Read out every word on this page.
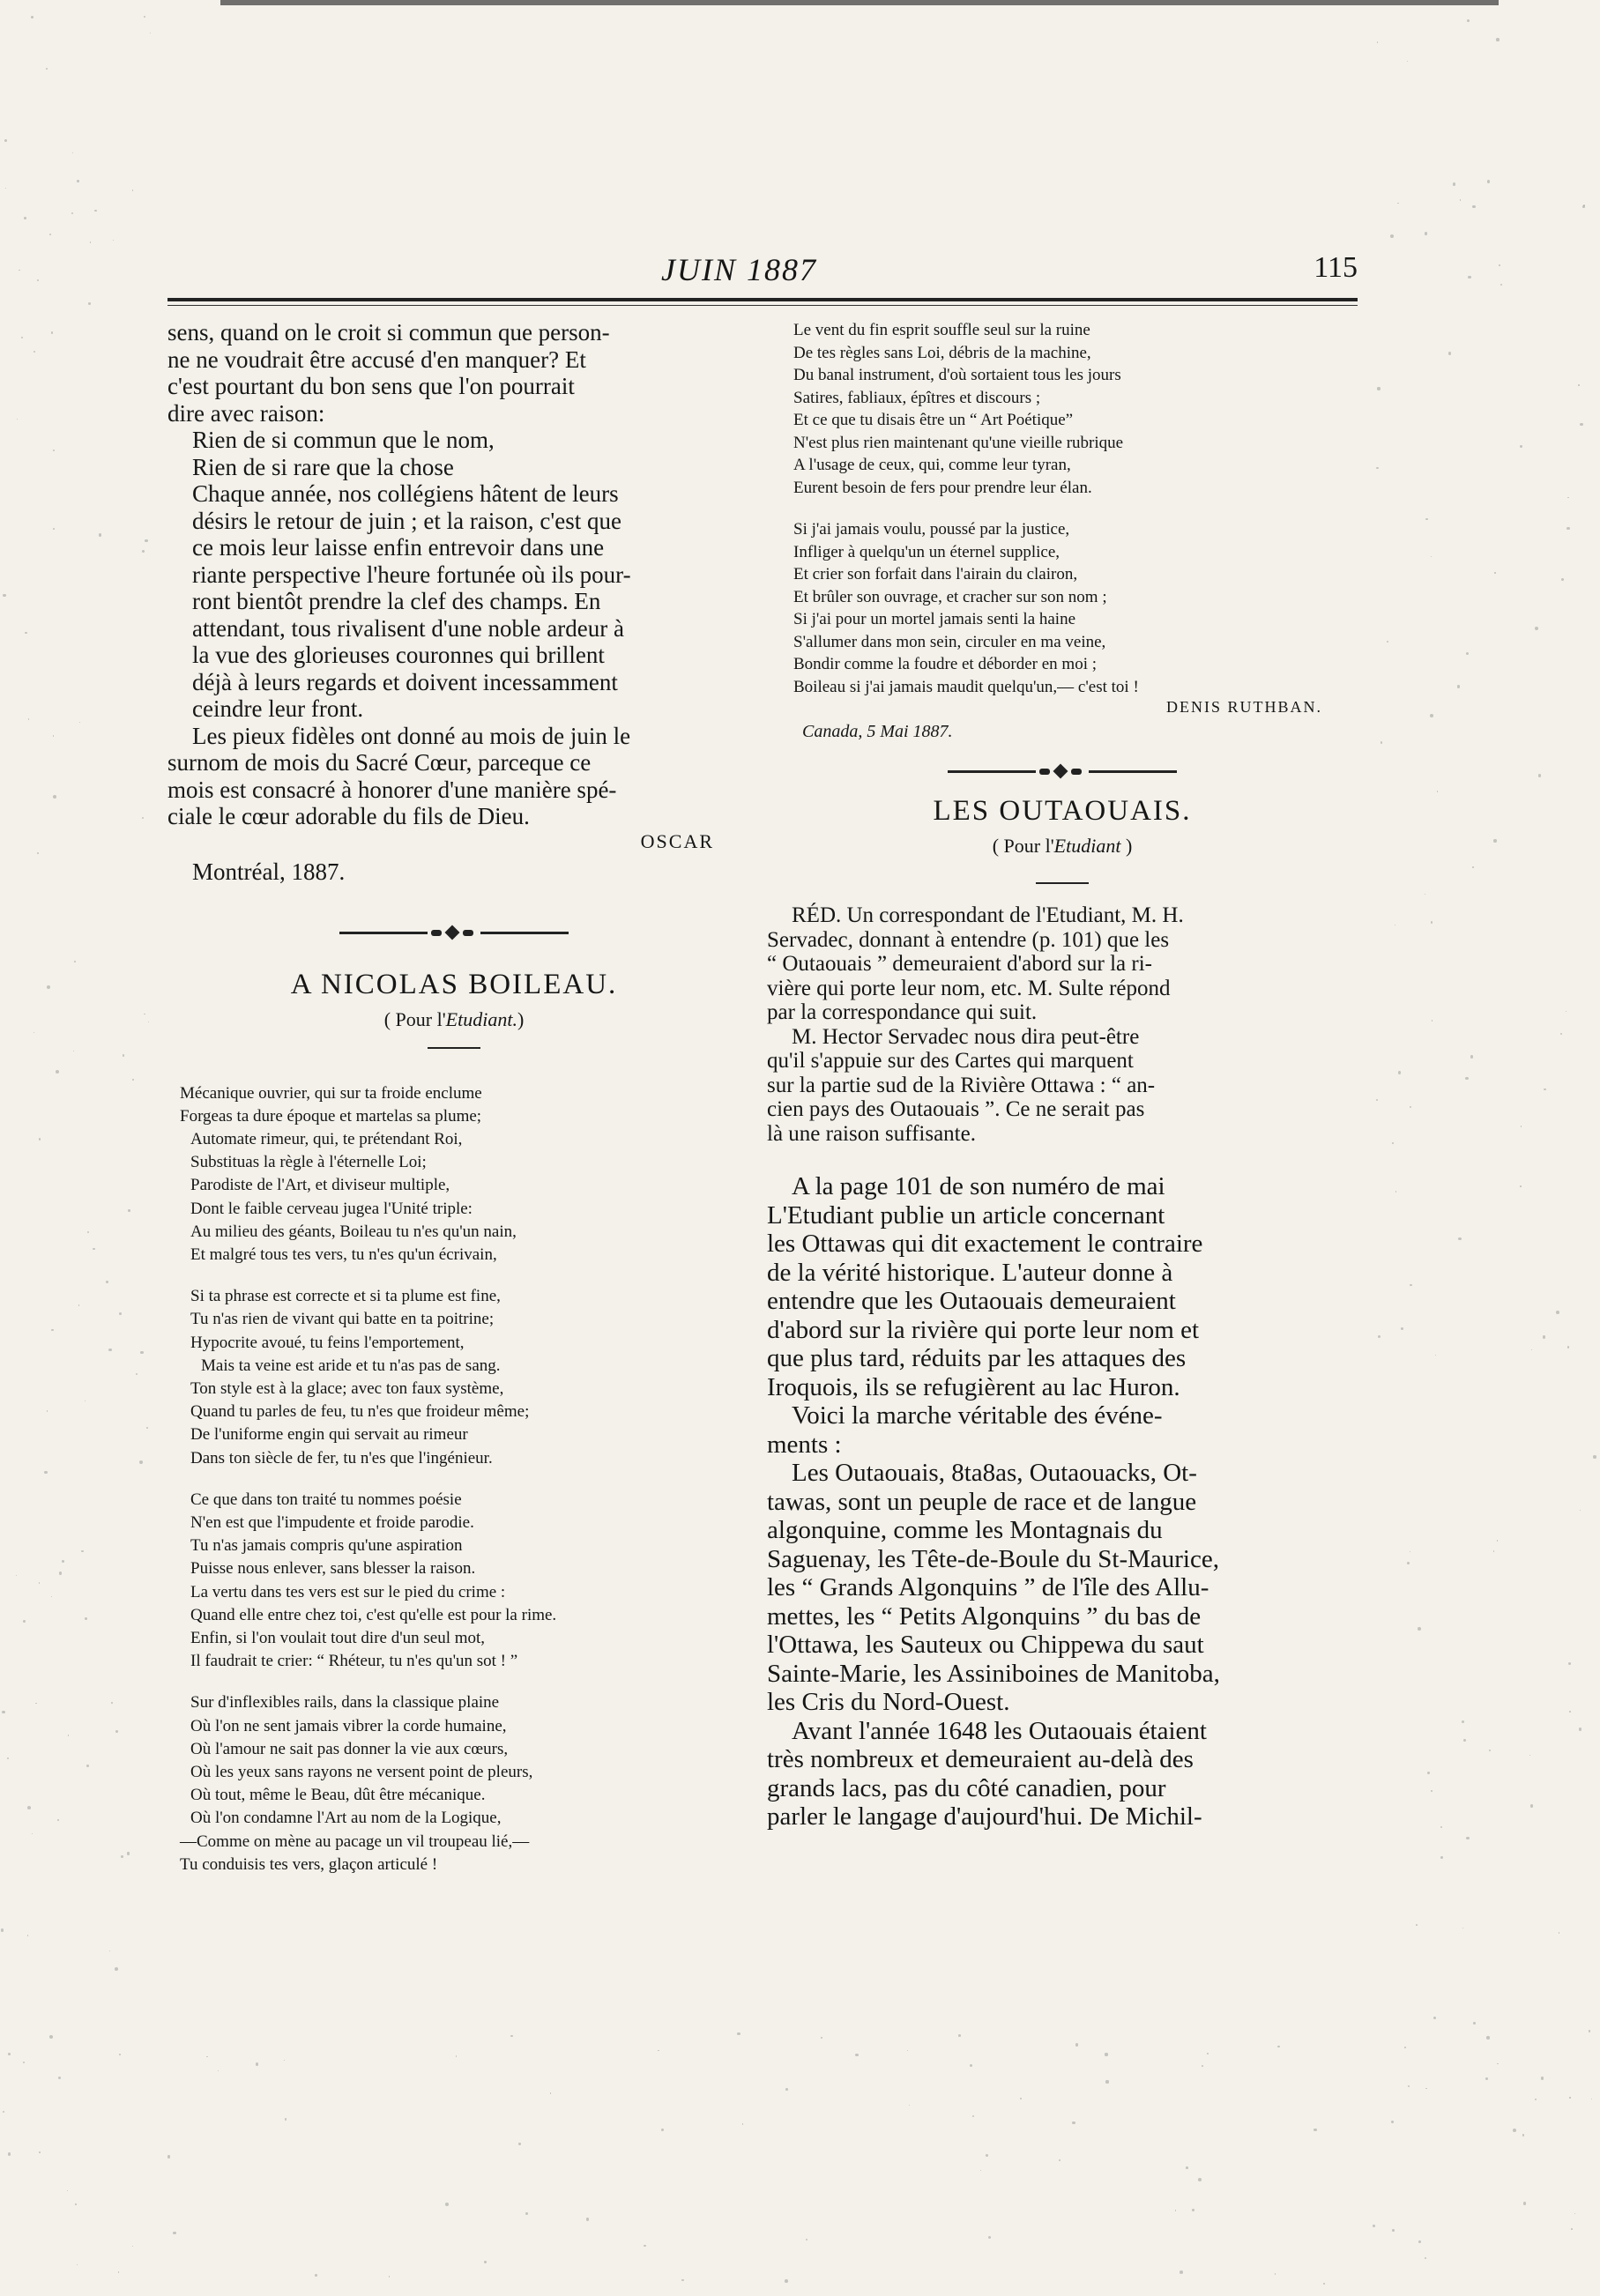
JUIN 1887	115
sens, quand on le croit si commun que person-
ne ne voudrait être accusé d'en manquer? Et
c'est pourtant du bon sens que l'on pourrait
dire avec raison:
Rien de si commun que le nom,
Rien de si rare que la chose
Chaque année, nos collégiens hâtent de leurs
désirs le retour de juin ; et la raison, c'est que
ce mois leur laisse enfin entrevoir dans une
riante perspective l'heure fortunée où ils pour-
ront bientôt prendre la clef des champs. En
attendant, tous rivalisent d'une noble ardeur à
la vue des glorieuses couronnes qui brillent
déjà à leurs regards et doivent incessamment
ceindre leur front.
Les pieux fidèles ont donné au mois de juin le
surnom de mois du Sacré Cœur, parceque ce
mois est consacré à honorer d'une manière spé-
ciale le cœur adorable du fils de Dieu.

OSCAR

Montréal, 1887.

A NICOLAS BOILEAU.

( Pour l'Etudiant.)

Mécanique ouvrier, qui sur ta froide enclume
Forgeas ta dure époque et martelas sa plume;
Automate rimeur, qui, te prétendant Roi,
Substituas la règle à l'éternelle Loi;
Parodiste de l'Art, et diviseur multiple,
Dont le faible cerveau jugea l'Unité triple:
Au milieu des géants, Boileau tu n'es qu'un nain,
Et malgré tous tes vers, tu n'es qu'un écrivain,
Si ta phrase est correcte et si ta plume est fine,
Tu n'as rien de vivant qui batte en ta poitrine;
Hypocrite avoué, tu feins l'emportement,
Mais ta veine est aride et tu n'as pas de sang.
Ton style est à la glace; avec ton faux système,
Quand tu parles de feu, tu n'es que froideur même;
De l'uniforme engin qui servait au rimeur
Dans ton siècle de fer, tu n'es que l'ingénieur.
Ce que dans ton traité tu nommes poésie
N'en est que l'impudente et froide parodie.
Tu n'as jamais compris qu'une aspiration
Puisse nous enlever, sans blesser la raison.
La vertu dans tes vers est sur le pied du crime :
Quand elle entre chez toi, c'est qu'elle est pour la rime.
Enfin, si l'on voulait tout dire d'un seul mot,
Il faudrait te crier: “ Rhéteur, tu n'es qu'un sot ! ”
Sur d'inflexibles rails, dans la classique plaine
Où l'on ne sent jamais vibrer la corde humaine,
Où l'amour ne sait pas donner la vie aux cœurs,
Où les yeux sans rayons ne versent point de pleurs,
Où tout, même le Beau, dût être mécanique.
Où l'on condamne l'Art au nom de la Logique,
—Comme on mène au pacage un vil troupeau lié,—
Tu conduisis tes vers, glaçon articulé !
Le vent du fin esprit souffle seul sur la ruine
De tes règles sans Loi, débris de la machine,
Du banal instrument, d'où sortaient tous les jours
Satires, fabliaux, épîtres et discours ;
Et ce que tu disais être un “ Art Poétique”
N'est plus rien maintenant qu'une vieille rubrique
A l'usage de ceux, qui, comme leur tyran,
Eurent besoin de fers pour prendre leur élan.
Si j'ai jamais voulu, poussé par la justice,
Infliger à quelqu'un un éternel supplice,
Et crier son forfait dans l'airain du clairon,
Et brûler son ouvrage, et cracher sur son nom ;
Si j'ai pour un mortel jamais senti la haine
S'allumer dans mon sein, circuler en ma veine,
Bondir comme la foudre et déborder en moi ;
Boileau si j'ai jamais maudit quelqu'un,— c'est toi !

DENIS RUTHBAN.

Canada, 5 Mai 1887.

LES OUTAOUAIS.

( Pour l'Etudiant )

RÉD. Un correspondant de l'Etudiant, M. H.
Servadec, donnant à entendre (p. 101) que les
“ Outaouais ” demeuraient d'abord sur la ri-
vière qui porte leur nom, etc. M. Sulte répond
par la correspondance qui suit.
M. Hector Servadec nous dira peut-être
qu'il s'appuie sur des Cartes qui marquent
sur la partie sud de la Rivière Ottawa : “ an-
cien pays des Outaouais ”. Ce ne serait pas
là une raison suffisante.
A la page 101 de son numéro de mai
L'Etudiant publie un article concernant
les Ottawas qui dit exactement le contraire
de la vérité historique. L'auteur donne à
entendre que les Outaouais demeuraient
d'abord sur la rivière qui porte leur nom et
que plus tard, réduits par les attaques des
Iroquois, ils se refugièrent au lac Huron.
Voici la marche véritable des événe-
ments :
Les Outaouais, 8ta8as, Outaouacks, Ot-
tawas, sont un peuple de race et de langue
algonquine, comme les Montagnais du
Saguenay, les Tête-de-Boule du St-Maurice,
les “ Grands Algonquins ” de l'île des Allu-
mettes, les “ Petits Algonquins ” du bas de
l'Ottawa, les Sauteux ou Chippewa du saut
Sainte-Marie, les Assiniboines de Manitoba,
les Cris du Nord-Ouest.
Avant l'année 1648 les Outaouais étaient
très nombreux et demeuraient au-delà des
grands lacs, pas du côté canadien, pour
parler le langage d'aujourd'hui. De Michil-
